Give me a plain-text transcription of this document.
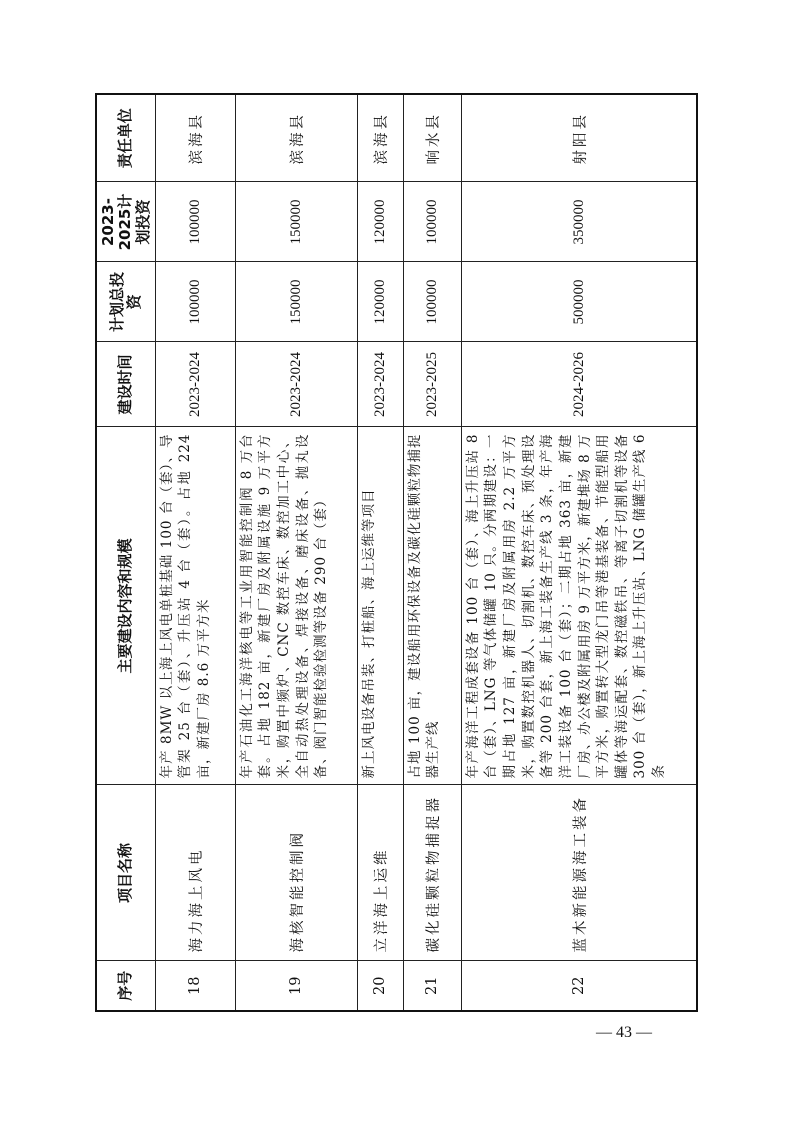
序号	项目名称	主要建设内容和规模	建设时间	计划总投资	2023-2025计划投资	责任单位
18	海力海上风电	年产 8MW 以上海上风电单桩基础 100 台（套）、导管架 25 台（套）、升压站 4 台（套）。占地 224 亩，新建厂房 8.6 万平方米	2023-2024	100000	100000	滨海县
19	海核智能控制阀	年产石油化工海洋核电等工业用智能控制阀 8 万台套。占地 182 亩，新建厂房及附属设施 9 万平方米，购置中频炉、CNC 数控车床、数控加工中心、全自动热处理设备、焊接设备、磨床设备、抛丸设备、阀门智能检验检测等设备 290 台（套）	2023-2024	150000	150000	滨海县
20	立洋海上运维	新上风电设备吊装、打桩船、海上运维等项目	2023-2024	120000	120000	滨海县
21	碳化硅颗粒物捕捉器	占地 100 亩，建设船用环保设备及碳化硅颗粒物捕捉器生产线	2023-2025	100000	100000	响水县
22	蓝木新能源海工装备	年产海洋工程成套设备 100 台（套）、海上升压站 8 台（套）、LNG 等气体储罐 10 只。分两期建设：一期占地 127 亩，新建厂房及附属用房 2.2 万平方米，购置数控机器人、切割机、数控车床、预处理设备等 200 台套，新上海工装备生产线 3 条，年产海洋工装设备 100 台（套）；二期占地 363 亩，新建厂房、办公楼及附属用房 9 万平方米，新建堆场 8 万平方米，购置转大型龙门吊等港基装备、节能型船用罐体等海运配套、数控磁铁吊、等离子切割机等设备 300 台（套），新上海上升压站、LNG 储罐生产线 6 条	2024-2026	500000	350000	射阳县
— 43 —
